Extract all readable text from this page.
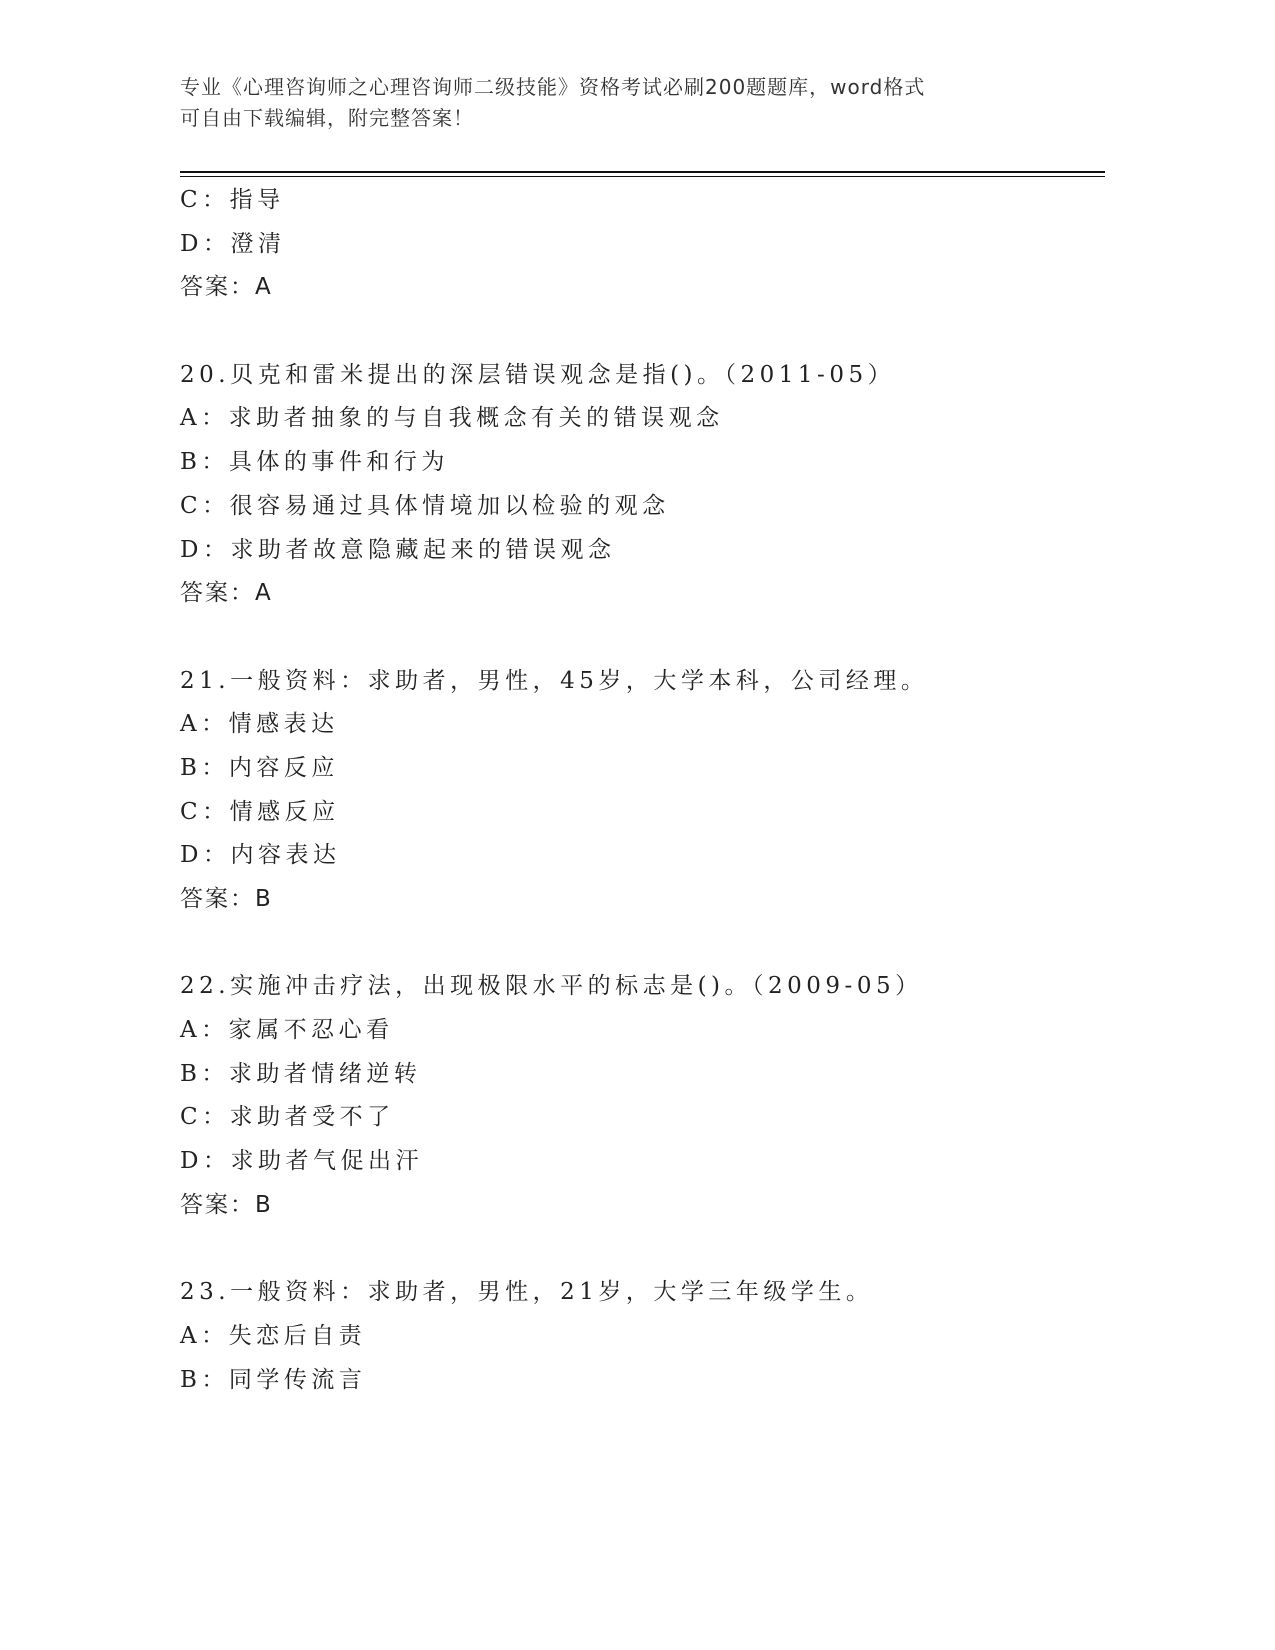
专业《心理咨询师之心理咨询师二级技能》资格考试必刷200题题库，word格式
可自由下载编辑，附完整答案！
C：指导
D：澄清
答案：A
20.贝克和雷米提出的深层错误观念是指()。（2011-05）
A：求助者抽象的与自我概念有关的错误观念
B：具体的事件和行为
C：很容易通过具体情境加以检验的观念
D：求助者故意隐藏起来的错误观念
答案：A
21.一般资料：求助者，男性，45岁，大学本科，公司经理。
A：情感表达
B：内容反应
C：情感反应
D：内容表达
答案：B
22.实施冲击疗法，出现极限水平的标志是()。（2009-05）
A：家属不忍心看
B：求助者情绪逆转
C：求助者受不了
D：求助者气促出汗
答案：B
23.一般资料：求助者，男性，21岁，大学三年级学生。
A：失恋后自责
B：同学传流言
